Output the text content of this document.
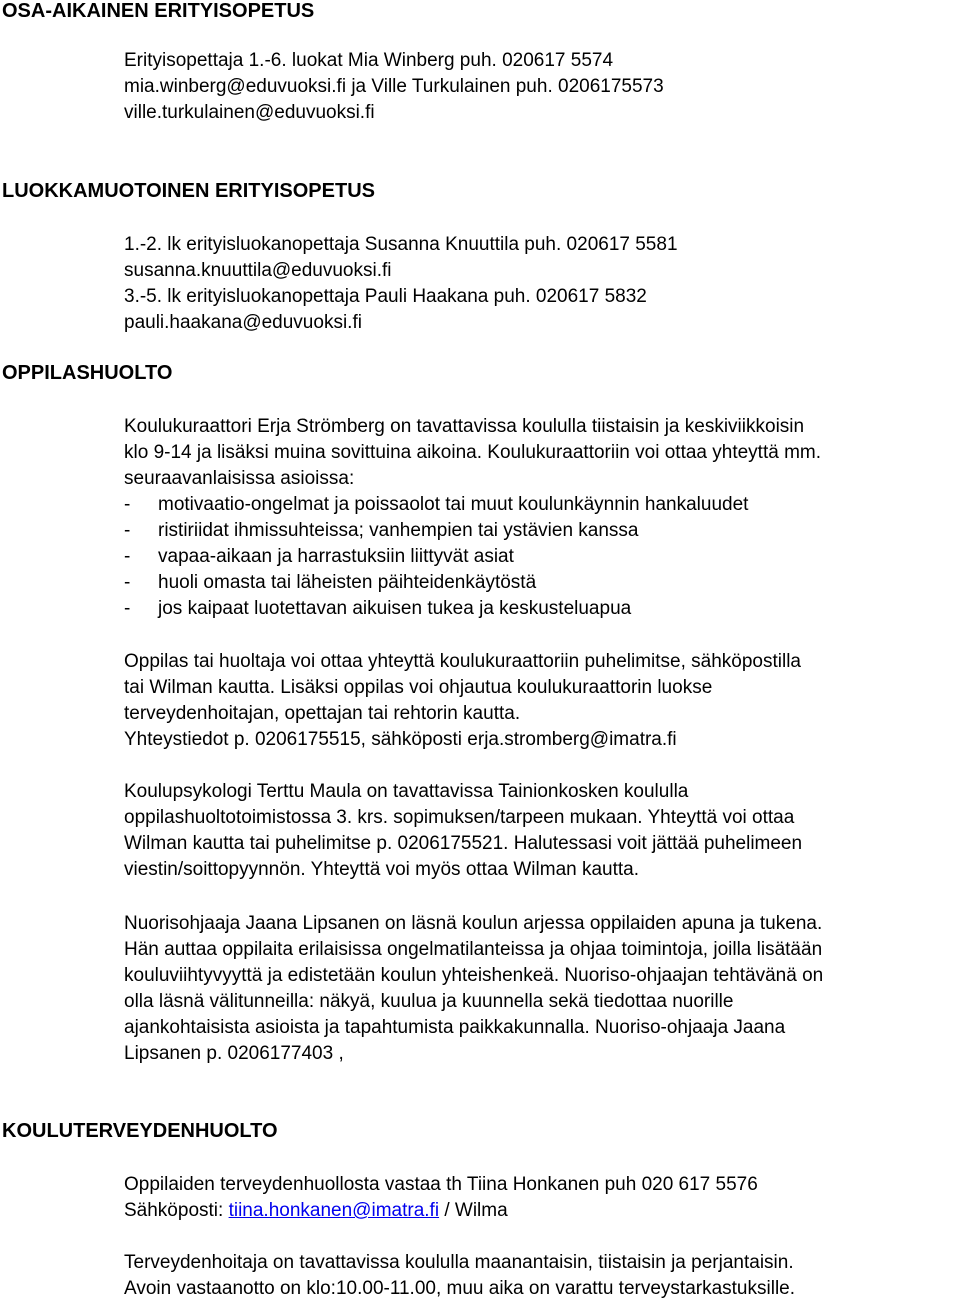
OSA-AIKAINEN ERITYISOPETUS
Erityisopettaja 1.-6. luokat Mia Winberg puh. 020617 5574
mia.winberg@eduvuoksi.fi ja Ville Turkulainen puh. 0206175573
ville.turkulainen@eduvuoksi.fi
LUOKKAMUOTOINEN ERITYISOPETUS
1.-2. lk erityisluokanopettaja Susanna Knuuttila puh. 020617 5581
susanna.knuuttila@eduvuoksi.fi
3.-5. lk erityisluokanopettaja Pauli Haakana puh. 020617 5832
pauli.haakana@eduvuoksi.fi
OPPILASHUOLTO
Koulukuraattori Erja Strömberg on tavattavissa koululla tiistaisin ja keskiviikkoisin
klo 9-14 ja lisäksi muina sovittuina aikoina. Koulukuraattoriin voi ottaa yhteyttä mm.
seuraavanlaisissa asioissa:
-	motivaatio-ongelmat ja poissaolot tai muut koulunkäynnin hankaluudet
-	ristiriidat ihmissuhteissa; vanhempien tai ystävien kanssa
-	vapaa-aikaan ja harrastuksiin liittyvät asiat
-	huoli omasta tai läheisten päihteidenkäytöstä
-	jos kaipaat luotettavan aikuisen tukea ja keskusteluapua
Oppilas tai huoltaja voi ottaa yhteyttä koulukuraattoriin puhelimitse, sähköpostilla
tai Wilman kautta. Lisäksi oppilas voi ohjautua koulukuraattorin luokse
terveydenhoitajan, opettajan tai rehtorin kautta.
Yhteystiedot p. 0206175515, sähköposti erja.stromberg@imatra.fi
Koulupsykologi Terttu Maula on tavattavissa Tainionkosken koululla
oppilashuoltotoimistossa 3. krs. sopimuksen/tarpeen mukaan. Yhteyttä voi ottaa
Wilman kautta tai puhelimitse p. 0206175521. Halutessasi voit jättää puhelimeen
viestin/soittopyynnön. Yhteyttä voi myös ottaa Wilman kautta.
Nuorisohjaaja Jaana Lipsanen on läsnä koulun arjessa oppilaiden apuna ja tukena.
Hän auttaa oppilaita erilaisissa ongelmatilanteissa ja ohjaa toimintoja, joilla lisätään
kouluviihtyvyyttä ja edistetään koulun yhteishenkeä. Nuoriso-ohjaajan tehtävänä on
olla läsnä välitunneilla: näkyä, kuulua ja kuunnella sekä tiedottaa nuorille
ajankohtaisista asioista ja tapahtumista paikkakunnalla. Nuoriso-ohjaaja Jaana
Lipsanen p. 0206177403 ,
KOULUTERVEYDENHUOLTO
Oppilaiden terveydenhuollosta vastaa th Tiina Honkanen puh 020 617 5576
Sähköposti: tiina.honkanen@imatra.fi / Wilma
Terveydenhoitaja on tavattavissa koululla maanantaisin, tiistaisin ja perjantaisin.
Avoin vastaanotto on klo:10.00-11.00, muu aika on varattu terveystarkastuksille.
